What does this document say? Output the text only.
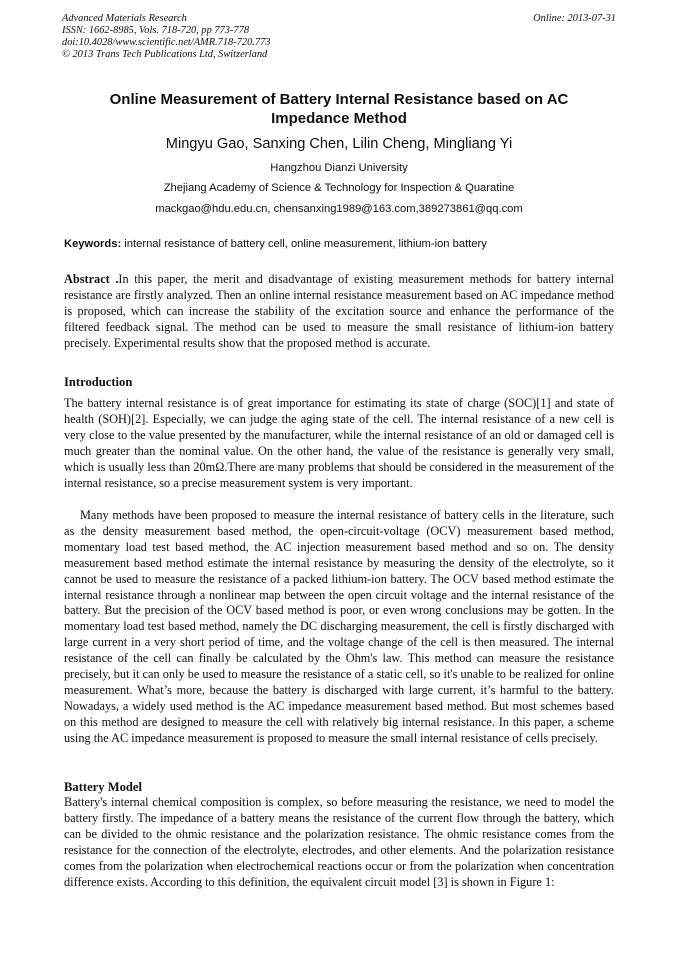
Advanced Materials Research
ISSN: 1662-8985, Vols. 718-720, pp 773-778
doi:10.4028/www.scientific.net/AMR.718-720.773
© 2013 Trans Tech Publications Ltd, Switzerland
Online: 2013-07-31
Online Measurement of Battery Internal Resistance based on AC
Impedance Method
Mingyu Gao, Sanxing Chen, Lilin Cheng, Mingliang Yi
Hangzhou Dianzi University
Zhejiang Academy of Science & Technology for Inspection & Quaratine
mackgao@hdu.edu.cn, chensanxing1989@163.com,389273861@qq.com
Keywords: internal resistance of battery cell, online measurement, lithium-ion battery

Abstract .In this paper, the merit and disadvantage of existing measurement methods for battery internal resistance are firstly analyzed. Then an online internal resistance measurement based on AC impedance method is proposed, which can increase the stability of the excitation source and enhance the performance of the filtered feedback signal. The method can be used to measure the small resistance of lithium-ion battery precisely. Experimental results show that the proposed method is accurate.

Introduction

The battery internal resistance is of great importance for estimating its state of charge (SOC)[1] and state of health (SOH)[2]. Especially, we can judge the aging state of the cell. The internal resistance of a new cell is very close to the value presented by the manufacturer, while the internal resistance of an old or damaged cell is much greater than the nominal value. On the other hand, the value of the resistance is generally very small, which is usually less than 20mΩ.There are many problems that should be considered in the measurement of the internal resistance, so a precise measurement system is very important.

Many methods have been proposed to measure the internal resistance of battery cells in the literature, such as the density measurement based method, the open-circuit-voltage (OCV) measurement based method, momentary load test based method, the AC injection measurement based method and so on. The density measurement based method estimate the internal resistance by measuring the density of the electrolyte, so it cannot be used to measure the resistance of a packed lithium-ion battery. The OCV based method estimate the internal resistance through a nonlinear map between the open circuit voltage and the internal resistance of the battery. But the precision of the OCV based method is poor, or even wrong conclusions may be gotten. In the momentary load test based method, namely the DC discharging measurement, the cell is firstly discharged with large current in a very short period of time, and the voltage change of the cell is then measured. The internal resistance of the cell can finally be calculated by the Ohm's law. This method can measure the resistance precisely, but it can only be used to measure the resistance of a static cell, so it's unable to be realized for online measurement. What’s more, because the battery is discharged with large current, it’s harmful to the battery. Nowadays, a widely used method is the AC impedance measurement based method. But most schemes based on this method are designed to measure the cell with relatively big internal resistance. In this paper, a scheme using the AC impedance measurement is proposed to measure the small internal resistance of cells precisely.

Battery Model

Battery's internal chemical composition is complex, so before measuring the resistance, we need to model the battery firstly. The impedance of a battery means the resistance of the current flow through the battery, which can be divided to the ohmic resistance and the polarization resistance. The ohmic resistance comes from the resistance for the connection of the electrolyte, electrodes, and other elements. And the polarization resistance comes from the polarization when electrochemical reactions occur or from the polarization when concentration difference exists. According to this definition, the equivalent circuit model [3] is shown in Figure 1:
